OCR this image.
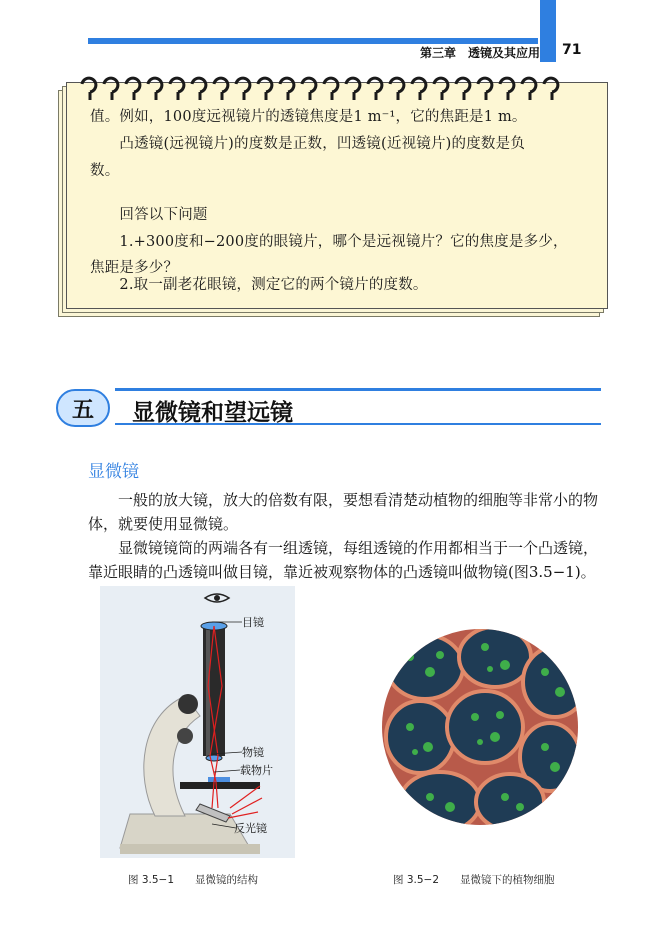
第三章　透镜及其应用 71
值。例如，100度远视镜片的透镜焦度是1 m⁻¹，它的焦距是1 m。
　　凸透镜(远视镜片)的度数是正数，凹透镜(近视镜片)的度数是负
数。
　　回答以下问题
　　1.+300度和−200度的眼镜片，哪个是远视镜片？它的焦度是多少，
焦距是多少？
　　2.取一副老花眼镜，测定它的两个镜片的度数。
五	显微镜和望远镜
显微镜
　　一般的放大镜，放大的倍数有限，要想看清楚动植物的细胞等非常小的物
体，就要使用显微镜。
　　显微镜镜筒的两端各有一组透镜，每组透镜的作用都相当于一个凸透镜，
靠近眼睛的凸透镜叫做目镜，靠近被观察物体的凸透镜叫做物镜(图3.5−1)。
目镜
物镜
载物片
反光镜
图 3.5−1　　显微镜的结构	图 3.5−2　　显微镜下的植物细胞
